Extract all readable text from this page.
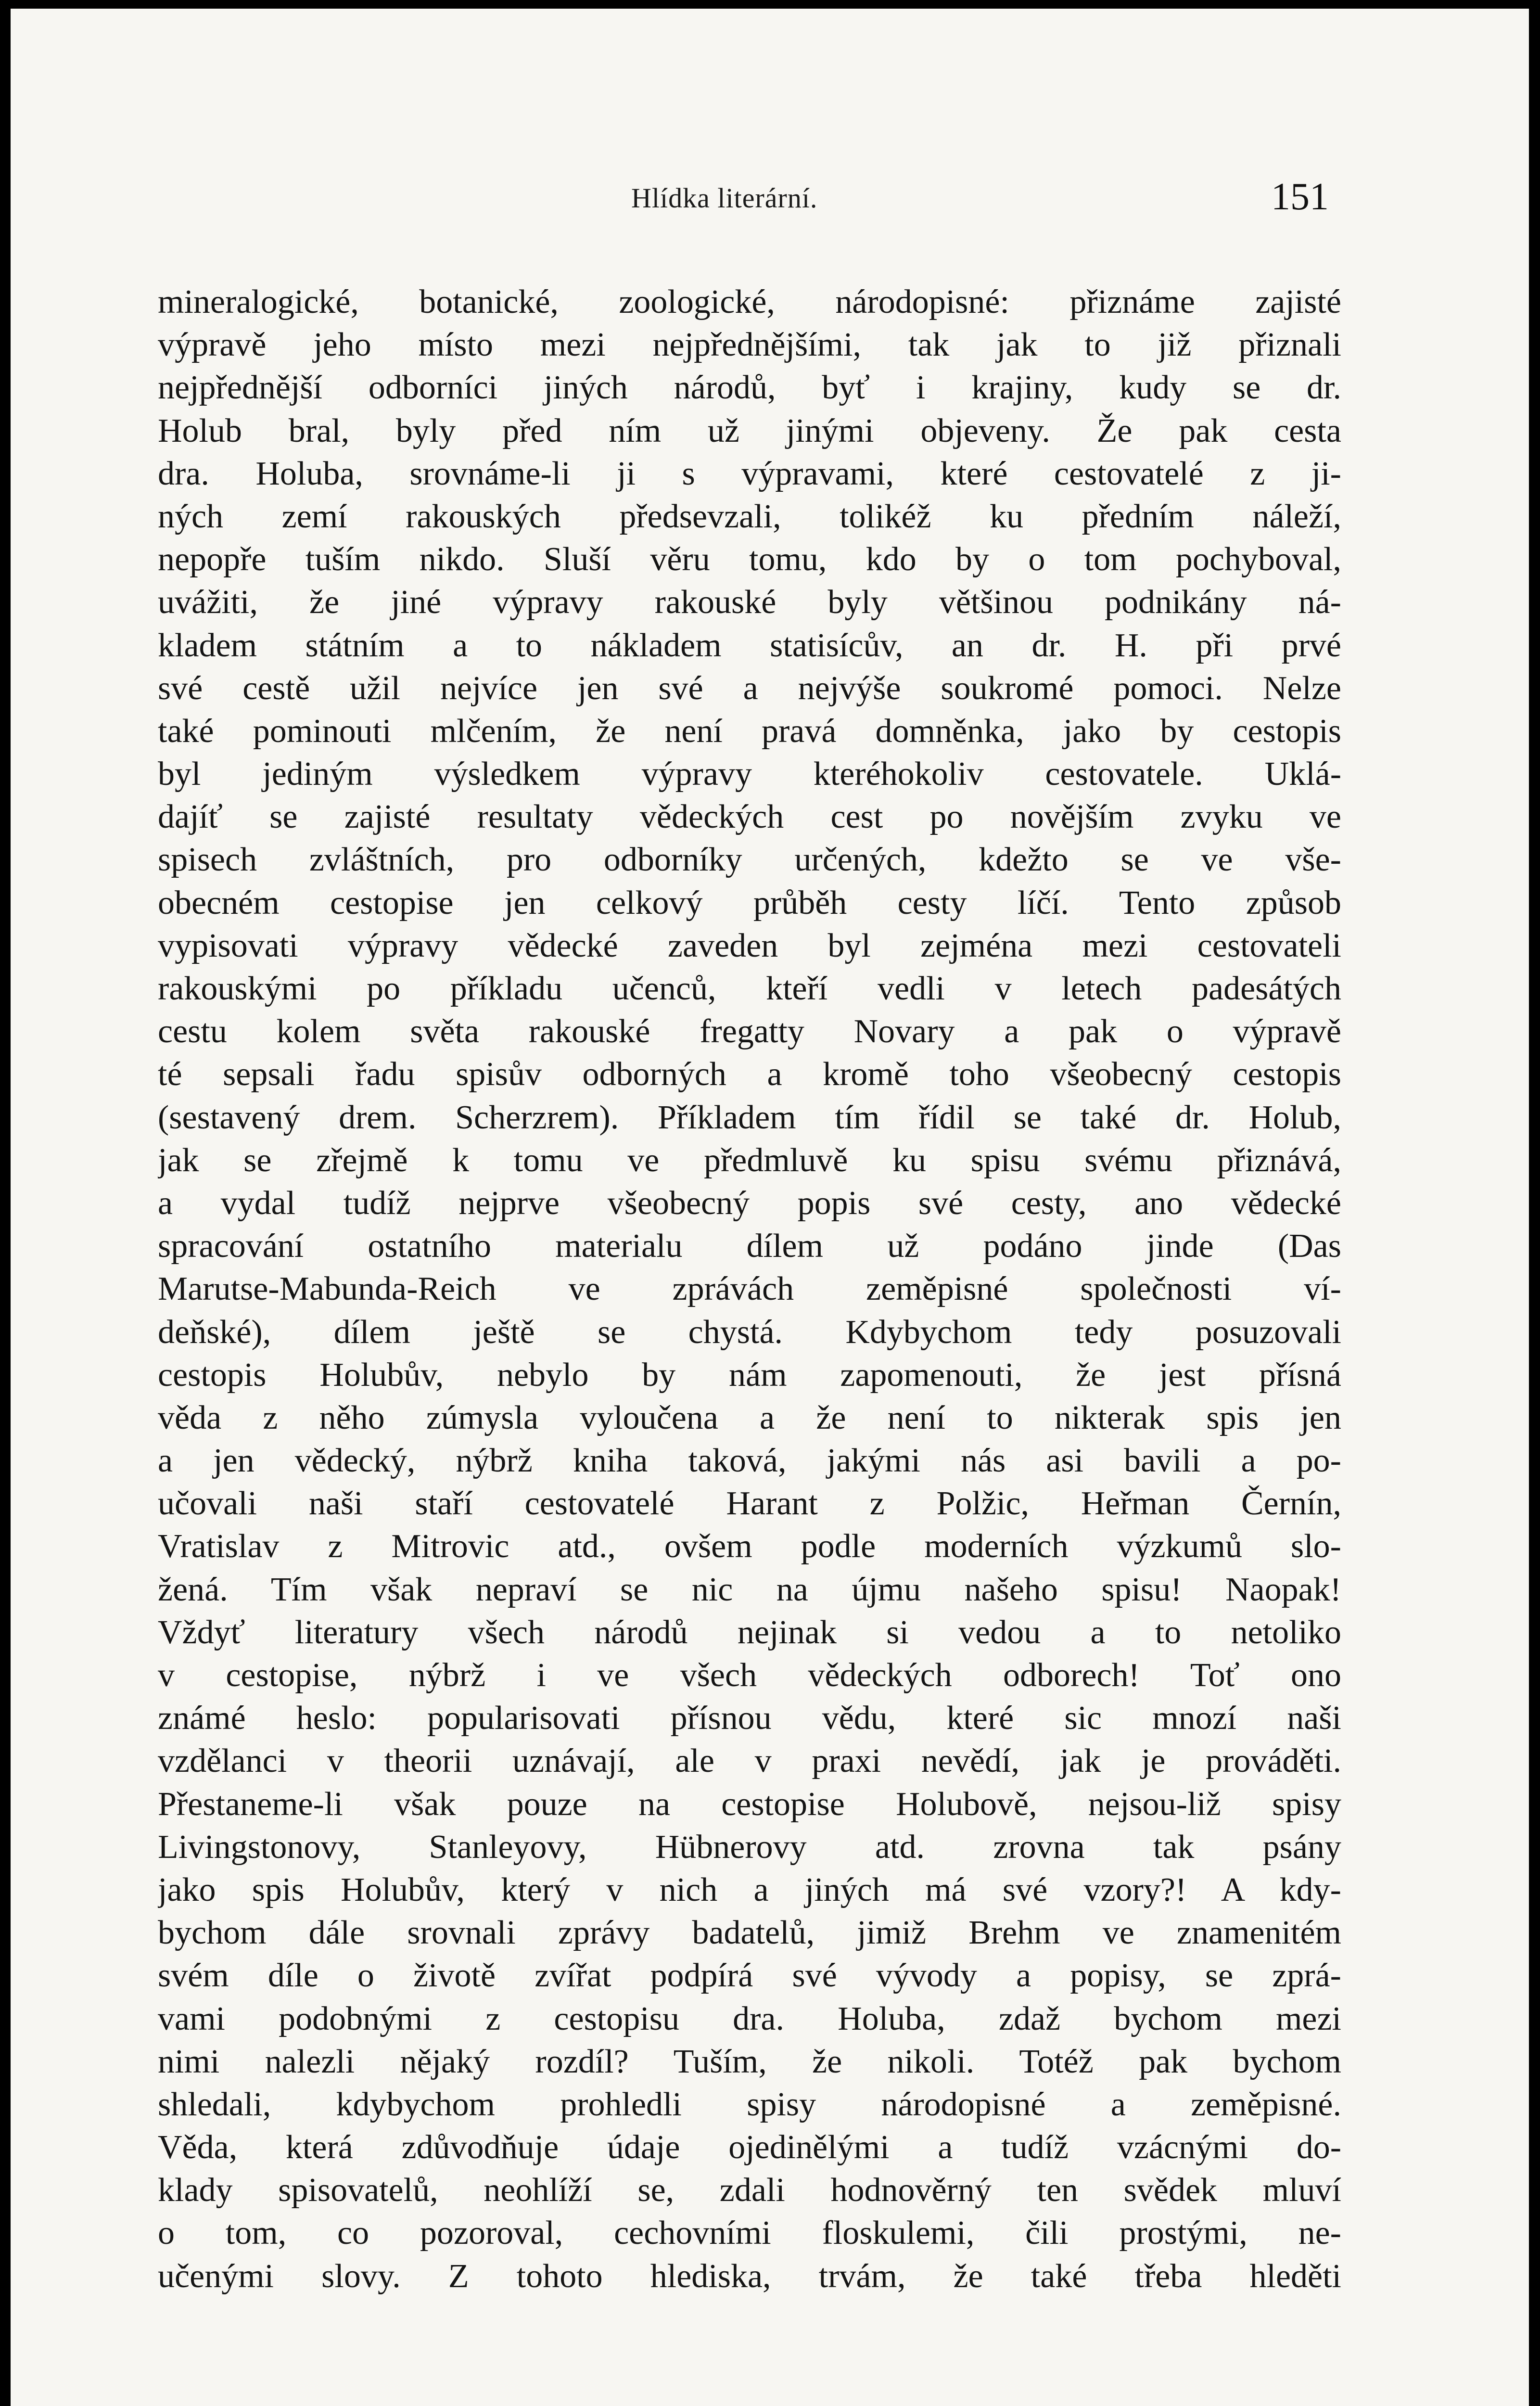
Hlídka literární.	151
mineralogické, botanické, zoologické, národopisné: přiznáme zajisté
výpravě jeho místo mezi nejpřednějšími, tak jak to již přiznali
nejpřednější odborníci jiných národů, byť i krajiny, kudy se dr.
Holub bral, byly před ním už jinými objeveny. Že pak cesta
dra. Holuba, srovnáme-li ji s výpravami, které cestovatelé z ji-
ných zemí rakouských předsevzali, tolikéž ku předním náleží,
nepopře tuším nikdo. Sluší věru tomu, kdo by o tom pochyboval,
uvážiti, že jiné výpravy rakouské byly většinou podnikány ná-
kladem státním a to nákladem statisícův, an dr. H. při prvé
své cestě užil nejvíce jen své a nejvýše soukromé pomoci. Nelze
také pominouti mlčením, že není pravá domněnka, jako by cestopis
byl jediným výsledkem výpravy kteréhokoliv cestovatele. Uklá-
dajíť se zajisté resultaty vědeckých cest po novějším zvyku ve
spisech zvláštních, pro odborníky určených, kdežto se ve vše-
obecném cestopise jen celkový průběh cesty líčí. Tento způsob
vypisovati výpravy vědecké zaveden byl zejména mezi cestovateli
rakouskými po příkladu učenců, kteří vedli v letech padesátých
cestu kolem světa rakouské fregatty Novary a pak o výpravě
té sepsali řadu spisův odborných a kromě toho všeobecný cestopis
(sestavený drem. Scherzrem). Příkladem tím řídil se také dr. Holub,
jak se zřejmě k tomu ve předmluvě ku spisu svému přiznává,
a vydal tudíž nejprve všeobecný popis své cesty, ano vědecké
spracování ostatního materialu dílem už podáno jinde (Das
Marutse-Mabunda-Reich ve zprávách zeměpisné společnosti ví-
deňské), dílem ještě se chystá. Kdybychom tedy posuzovali
cestopis Holubův, nebylo by nám zapomenouti, že jest přísná
věda z něho zúmysla vyloučena a že není to nikterak spis jen
a jen vědecký, nýbrž kniha taková, jakými nás asi bavili a po-
učovali naši staří cestovatelé Harant z Polžic, Heřman Černín,
Vratislav z Mitrovic atd., ovšem podle moderních výzkumů slo-
žená. Tím však nepraví se nic na újmu našeho spisu! Naopak!
Vždyť literatury všech národů nejinak si vedou a to netoliko
v cestopise, nýbrž i ve všech vědeckých odborech! Toť ono
známé heslo: popularisovati přísnou vědu, které sic mnozí naši
vzdělanci v theorii uznávají, ale v praxi nevědí, jak je prováděti.
Přestaneme-li však pouze na cestopise Holubově, nejsou-liž spisy
Livingstonovy, Stanleyovy, Hübnerovy atd. zrovna tak psány
jako spis Holubův, který v nich a jiných má své vzory?! A kdy-
bychom dále srovnali zprávy badatelů, jimiž Brehm ve znamenitém
svém díle o životě zvířat podpírá své vývody a popisy, se zprá-
vami podobnými z cestopisu dra. Holuba, zdaž bychom mezi
nimi nalezli nějaký rozdíl? Tuším, že nikoli. Totéž pak bychom
shledali, kdybychom prohledli spisy národopisné a zeměpisné.
Věda, která zdůvodňuje údaje ojedinělými a tudíž vzácnými do-
klady spisovatelů, neohlíží se, zdali hodnověrný ten svědek mluví
o tom, co pozoroval, cechovními floskulemi, čili prostými, ne-
učenými slovy. Z tohoto hlediska, trvám, že také třeba hleděti
